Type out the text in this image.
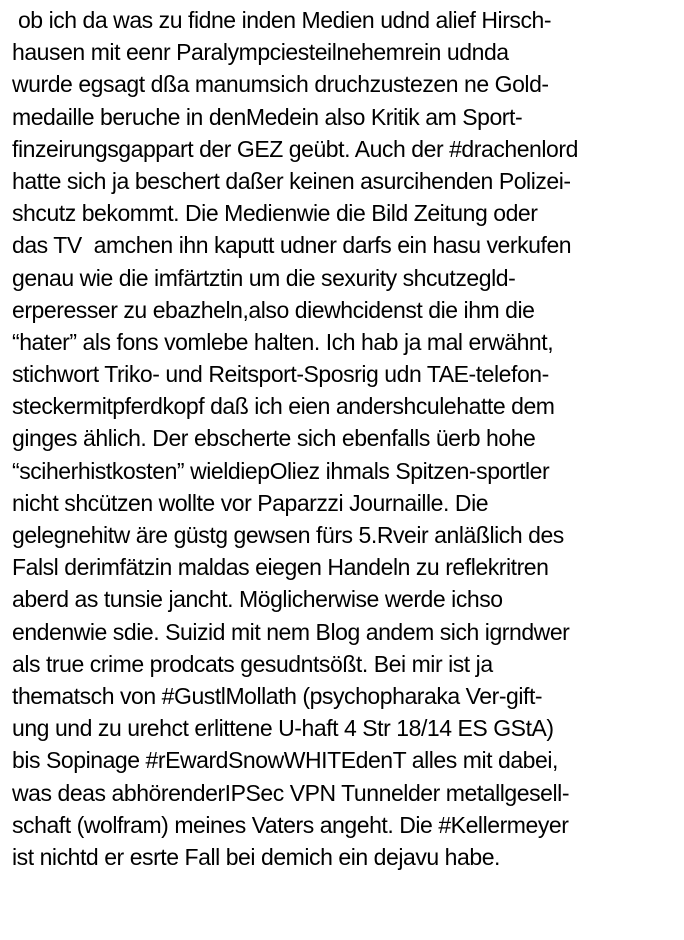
ob ich da was zu fidne inden Medien udnd alief Hirsch-
hausen mit eenr Paralympciesteilnehemrein udnda
wurde egsagt dßa manumsich druchzustezen ne Gold-
medaille beruche in denMedein also Kritik am Sport-
finzeirungsgappart der GEZ geübt. Auch der #drachenlord
hatte sich ja beschert daßer keinen asurcihenden Polizei-
shcutz bekommt. Die Medienwie die Bild Zeitung oder
das TV  amchen ihn kaputt udner darfs ein hasu verkufen
genau wie die imfärtztin um die sexurity shcutzegld-
erperesser zu ebazheln,also diewhcidenst die ihm die
“hater” als fons vomlebe halten. Ich hab ja mal erwähnt,
stichwort Triko- und Reitsport-Sposrig udn TAE-telefon-
steckermitpferdkopf daß ich eien andershculehatte dem
ginges ählich. Der ebscherte sich ebenfalls üerb hohe
“sciherhistkosten” wieldiepOliez ihmals Spitzen-sportler
nicht shcützen wollte vor Paparzzi Journaille. Die
gelegnehitw äre güstg gewsen fürs 5.Rveir anläßlich des
Falsl derimfätzin maldas eiegen Handeln zu reflekritren
aberd as tunsie jancht. Möglicherwise werde ichso
endenwie sdie. Suizid mit nem Blog andem sich igrndwer
als true crime prodcats gesudntsößt. Bei mir ist ja
thematsch von #GustlMollath (psychopharaka Ver-gift-
ung und zu urehct erlittene U-haft 4 Str 18/14 ES GStA)
bis Sopinage #rEwardSnowWHITEdenT alles mit dabei,
was deas abhörenderIPSec VPN Tunnelder metallgesell-
schaft (wolfram) meines Vaters angeht. Die #Kellermeyer
ist nichtd er esrte Fall bei demich ein dejavu habe.
